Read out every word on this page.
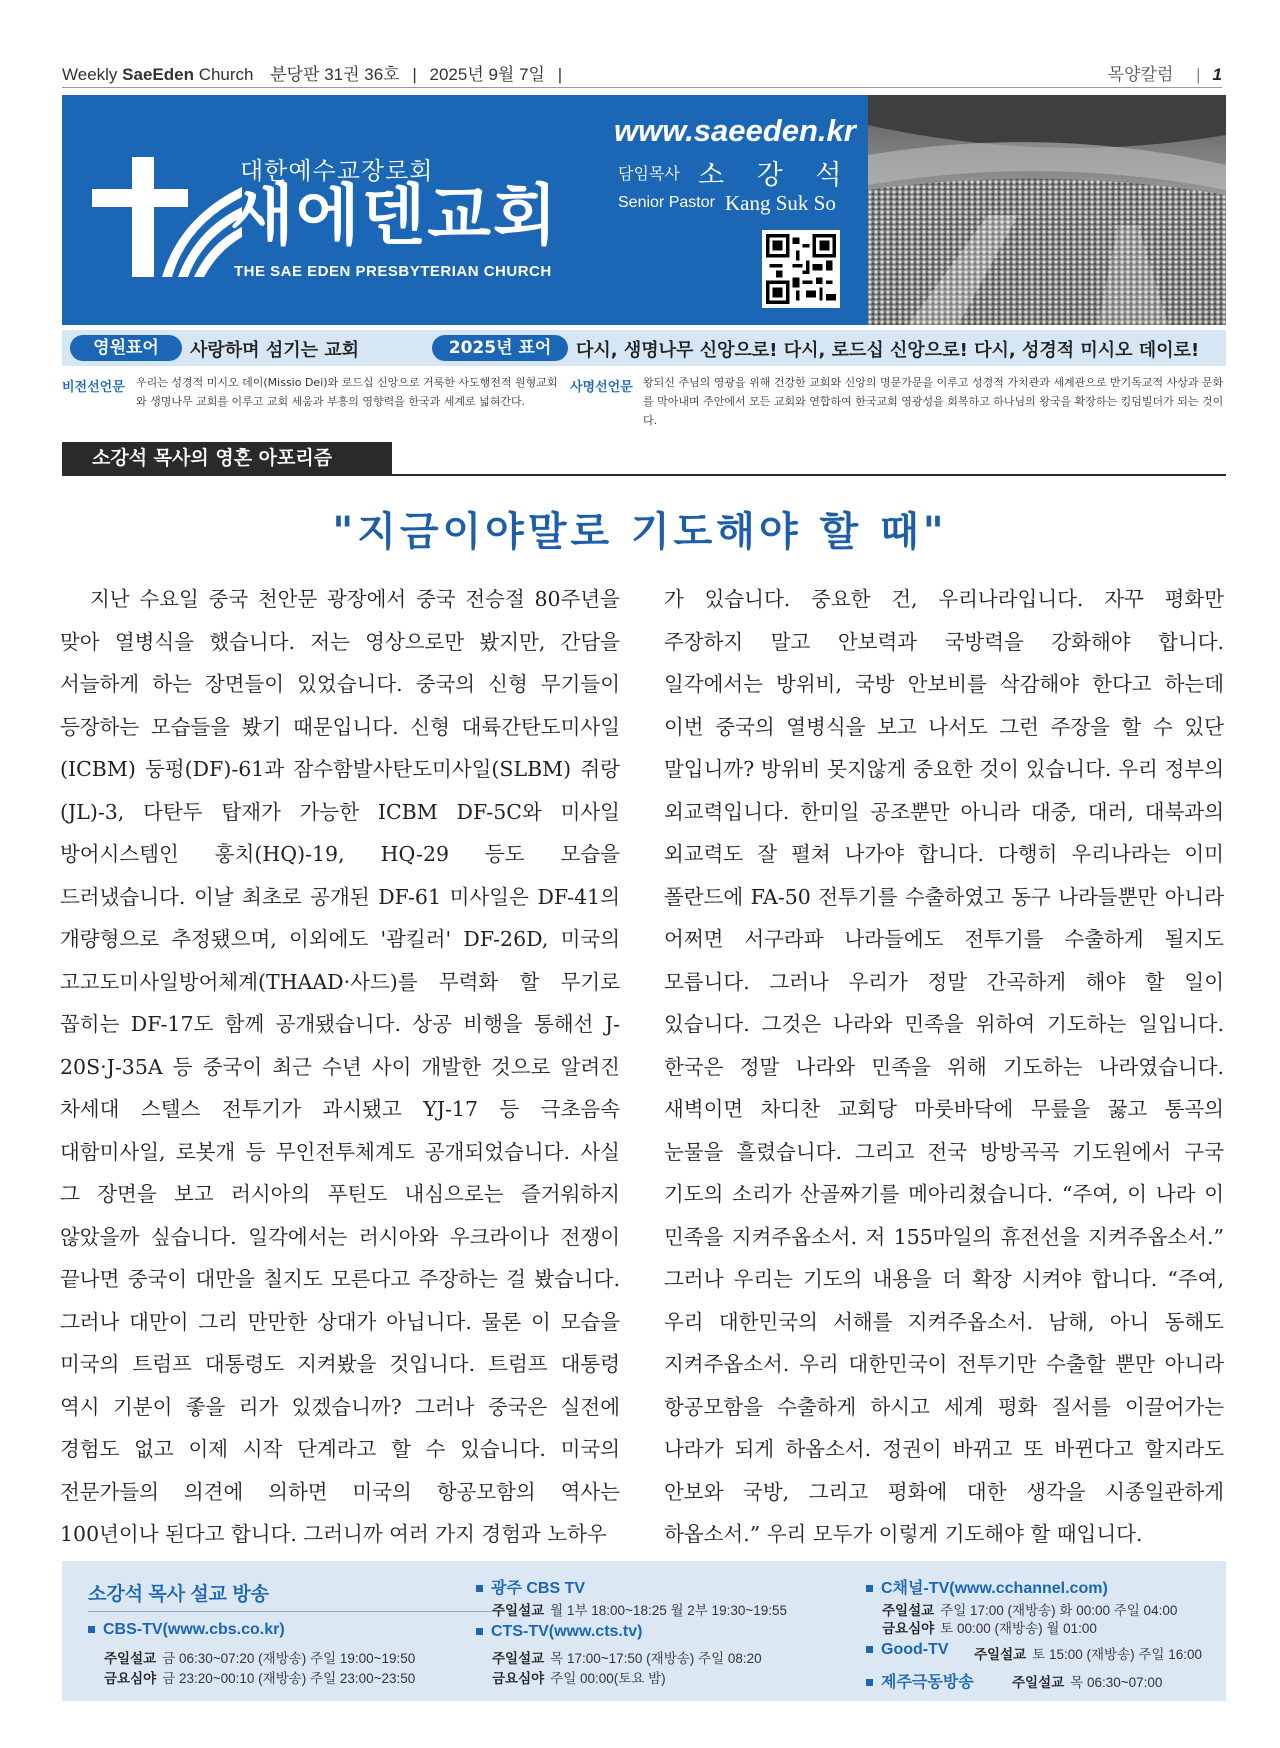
Weekly SaeEden Church 분당판 31권 36호 | 2025년 9월 7일 |	목양칼럼 | 1
대한예수교장로회
새에덴교회
THE SAE EDEN PRESBYTERIAN CHURCH
www.saeeden.kr
담임목사 소 강 석
Senior Pastor Kang Suk So
영원표어	사랑하며 섬기는 교회	2025년 표어	다시, 생명나무 신앙으로! 다시, 로드십 신앙으로! 다시, 성경적 미시오 데이로!
비전선언문 우리는 성경적 미시오 데이(Missio Dei)와 로드십 신앙으로 거룩한 사도행전적 원형교회와 생명나무 교회를 이루고 교회 세움과 부흥의 영향력을 한국과 세계로 넓혀간다.
사명선언문 왕되신 주님의 영광을 위해 건강한 교회와 신앙의 명문가문을 이루고 성경적 가치관과 세계관으로 반기독교적 사상과 문화를 막아내며 주안에서 모든 교회와 연합하여 한국교회 영광성을 회복하고 하나님의 왕국을 확장하는 킹덤빌더가 되는 것이다.
소강석 목사의 영혼 아포리즘
"지금이야말로 기도해야 할 때"
지난 수요일 중국 천안문 광장에서 중국 전승절 80주년을 맞아 열병식을 했습니다. 저는 영상으로만 봤지만, 간담을 서늘하게 하는 장면들이 있었습니다. 중국의 신형 무기들이 등장하는 모습들을 봤기 때문입니다. 신형 대륙간탄도미사일(ICBM) 둥펑(DF)-61과 잠수함발사탄도미사일(SLBM) 쥐랑(JL)-3, 다탄두 탑재가 가능한 ICBM DF-5C와 미사일 방어시스템인 훙치(HQ)-19, HQ-29 등도 모습을 드러냈습니다. 이날 최초로 공개된 DF-61 미사일은 DF-41의 개량형으로 추정됐으며, 이외에도 '괌킬러' DF-26D, 미국의 고고도미사일방어체계(THAAD·사드)를 무력화 할 무기로 꼽히는 DF-17도 함께 공개됐습니다. 상공 비행을 통해선 J-20S·J-35A 등 중국이 최근 수년 사이 개발한 것으로 알려진 차세대 스텔스 전투기가 과시됐고 YJ-17 등 극초음속 대함미사일, 로봇개 등 무인전투체계도 공개되었습니다. 사실 그 장면을 보고 러시아의 푸틴도 내심으로는 즐거워하지 않았을까 싶습니다. 일각에서는 러시아와 우크라이나 전쟁이 끝나면 중국이 대만을 칠지도 모른다고 주장하는 걸 봤습니다. 그러나 대만이 그리 만만한 상대가 아닙니다. 물론 이 모습을 미국의 트럼프 대통령도 지켜봤을 것입니다. 트럼프 대통령 역시 기분이 좋을 리가 있겠습니까? 그러나 중국은 실전에 경험도 없고 이제 시작 단계라고 할 수 있습니다. 미국의 전문가들의 의견에 의하면 미국의 항공모함의 역사는 100년이나 된다고 합니다. 그러니까 여러 가지 경험과 노하우
가 있습니다. 중요한 건, 우리나라입니다. 자꾸 평화만 주장하지 말고 안보력과 국방력을 강화해야 합니다. 일각에서는 방위비, 국방 안보비를 삭감해야 한다고 하는데 이번 중국의 열병식을 보고 나서도 그런 주장을 할 수 있단 말입니까? 방위비 못지않게 중요한 것이 있습니다. 우리 정부의 외교력입니다. 한미일 공조뿐만 아니라 대중, 대러, 대북과의 외교력도 잘 펼쳐 나가야 합니다. 다행히 우리나라는 이미 폴란드에 FA-50 전투기를 수출하였고 동구 나라들뿐만 아니라 어쩌면 서구라파 나라들에도 전투기를 수출하게 될지도 모릅니다. 그러나 우리가 정말 간곡하게 해야 할 일이 있습니다. 그것은 나라와 민족을 위하여 기도하는 일입니다. 한국은 정말 나라와 민족을 위해 기도하는 나라였습니다. 새벽이면 차디찬 교회당 마룻바닥에 무릎을 꿇고 통곡의 눈물을 흘렸습니다. 그리고 전국 방방곡곡 기도원에서 구국 기도의 소리가 산골짜기를 메아리쳤습니다. “주여, 이 나라 이 민족을 지켜주옵소서. 저 155마일의 휴전선을 지켜주옵소서.” 그러나 우리는 기도의 내용을 더 확장 시켜야 합니다. “주여, 우리 대한민국의 서해를 지켜주옵소서. 남해, 아니 동해도 지켜주옵소서. 우리 대한민국이 전투기만 수출할 뿐만 아니라 항공모함을 수출하게 하시고 세계 평화 질서를 이끌어가는 나라가 되게 하옵소서. 정권이 바뀌고 또 바뀐다고 할지라도 안보와 국방, 그리고 평화에 대한 생각을 시종일관하게 하옵소서.” 우리 모두가 이렇게 기도해야 할 때입니다.
소강석 목사 설교 방송
CBS-TV(www.cbs.co.kr)
주일설교 금 06:30~07:20 (재방송) 주일 19:00~19:50
금요심야 금 23:20~00:10 (재방송) 주일 23:00~23:50
광주 CBS TV
주일설교 월 1부 18:00~18:25 월 2부 19:30~19:55
CTS-TV(www.cts.tv)
주일설교 목 17:00~17:50 (재방송) 주일 08:20
금요심야 주일 00:00(토요 밤)
C채널-TV(www.cchannel.com)
주일설교 주일 17:00 (재방송) 화 00:00 주일 04:00
금요심야 토 00:00 (재방송) 월 01:00
Good-TV 주일설교 토 15:00 (재방송) 주일 16:00
제주극동방송	주일설교 목 06:30~07:00
